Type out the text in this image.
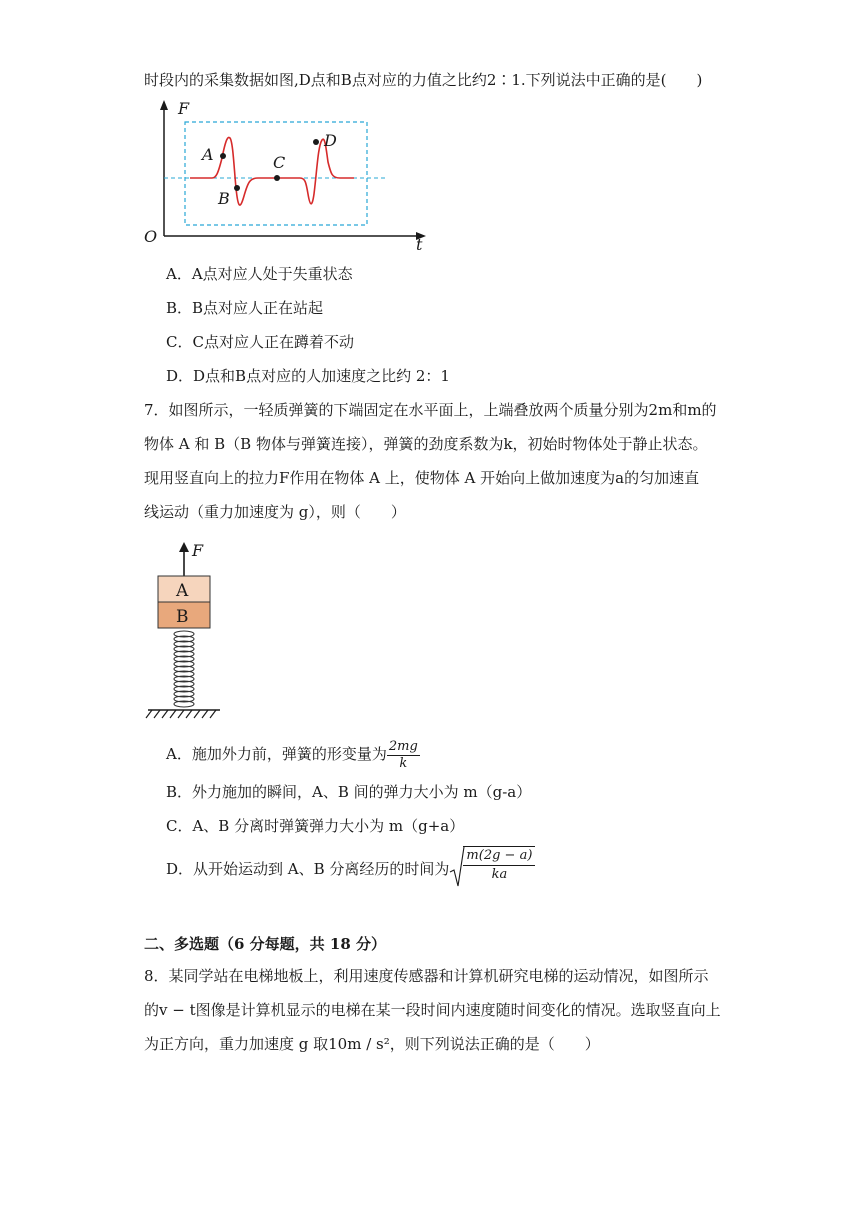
时段内的采集数据如图,D点和B点对应的力值之比约2∶1.下列说法中正确的是(　　)
F
t
O
A
B
C
D
A．A点对应人处于失重状态
B．B点对应人正在站起
C．C点对应人正在蹲着不动
D．D点和B点对应的人加速度之比约 2：1
7．如图所示，一轻质弹簧的下端固定在水平面上，上端叠放两个质量分别为2m和m的
物体 A 和 B（B 物体与弹簧连接），弹簧的劲度系数为k，初始时物体处于静止状态。
现用竖直向上的拉力F作用在物体 A 上，使物体 A 开始向上做加速度为a的匀加速直
线运动（重力加速度为 g），则（　　）
F
A
B
A．施加外力前，弹簧的形变量为 $\frac{2mg}{k}$
B．外力施加的瞬间，A、B 间的弹力大小为 m（g-a）
C．A、B 分离时弹簧弹力大小为 m（g+a）
D．从开始运动到 A、B 分离经历的时间为 $\frac{m(2g - a)}{ka}$
二、多选题（6 分每题，共 18 分）
8．某同学站在电梯地板上，利用速度传感器和计算机研究电梯的运动情况，如图所示
的v − t图像是计算机显示的电梯在某一段时间内速度随时间变化的情况。选取竖直向上
为正方向，重力加速度 g 取10m / s²，则下列说法正确的是（　　）
